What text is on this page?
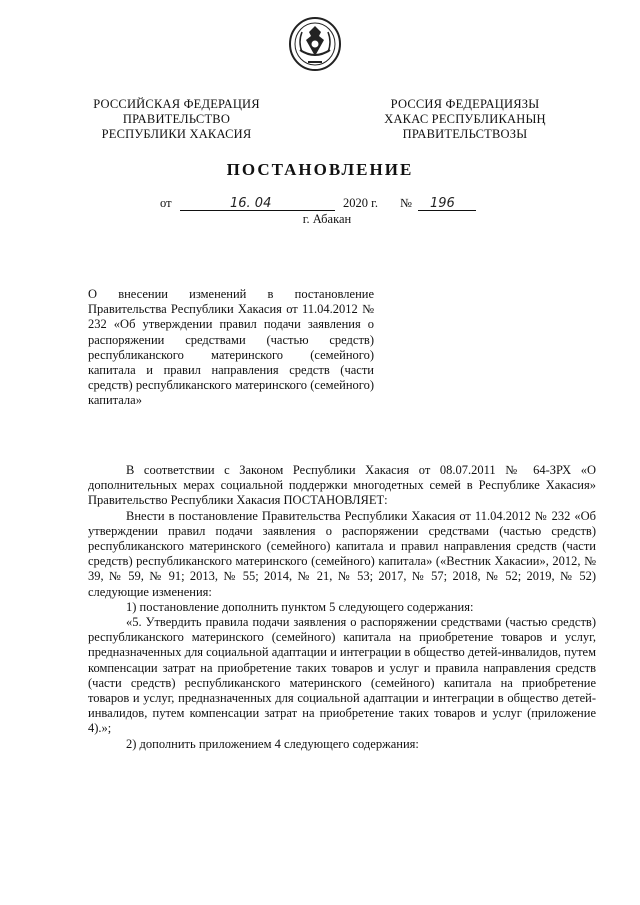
РОССИЙСКАЯ ФЕДЕРАЦИЯ
ПРАВИТЕЛЬСТВО
РЕСПУБЛИКИ ХАКАСИЯ
РОССИЯ ФЕДЕРАЦИЯЗЫ
ХАКАС РЕСПУБЛИКАНЫҢ
ПРАВИТЕЛЬСТВОЗЫ
ПОСТАНОВЛЕНИЕ
от	16. 04	2020 г. № 196
г. Абакан
О внесении изменений в постановление Правительства Республики Хакасия от 11.04.2012 № 232 «Об утверждении правил подачи заявления о распоряжении средствами (частью средств) республиканского материнского (семейного) капитала и правил направления средств (части средств) республиканского материнского (семейного) капитала»

В соответствии с Законом Республики Хакасия от 08.07.2011 № 64-ЗРХ «О дополнительных мерах социальной поддержки многодетных семей в Республике Хакасия» Правительство Республики Хакасия ПОСТАНОВЛЯЕТ:

Внести в постановление Правительства Республики Хакасия от 11.04.2012 № 232 «Об утверждении правил подачи заявления о распоряжении средствами (частью средств) республиканского материнского (семейного) капитала и правил направления средств (части средств) республиканского материнского (семейного) капитала» («Вестник Хакасии», 2012, № 39, № 59, № 91; 2013, № 55; 2014, № 21, № 53; 2017, № 57; 2018, № 52; 2019, № 52) следующие изменения:

1) постановление дополнить пунктом 5 следующего содержания:

«5. Утвердить правила подачи заявления о распоряжении средствами (частью средств) республиканского материнского (семейного) капитала на приобретение товаров и услуг, предназначенных для социальной адаптации и интеграции в общество детей-инвалидов, путем компенсации затрат на приобретение таких товаров и услуг и правила направления средств (части средств) республиканского материнского (семейного) капитала на приобретение товаров и услуг, предназначенных для социальной адаптации и интеграции в общество детей-инвалидов, путем компенсации затрат на приобретение таких товаров и услуг (приложение 4).»;

2) дополнить приложением 4 следующего содержания:
